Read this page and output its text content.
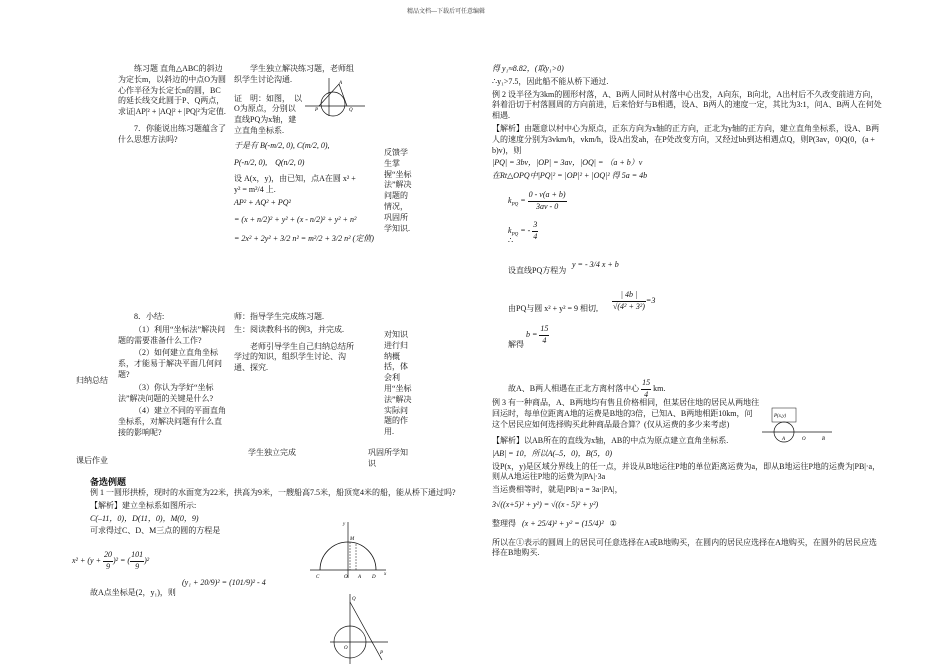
精品文档---下载后可任意编辑

练习题 直角△ABC的斜边为定长m，以斜边的中点O为圆心作半径为长定长n的圆，BC的延长线交此圆于P、Q两点，求证|AP|² + |AQ|² + |PQ|²为定值.

7．你能说出练习题蕴含了什么思想方法吗?

学生独立解决练习题，老师组织学生讨论沟通.

证　明：如图，　以O为原点，分别以直线PQ为x轴，建立直角坐标系.

于是有 B(-m/2, 0), C(m/2, 0),

P(-n/2, 0),　Q(n/2, 0)

设 A(x，y)，由已知，点A在圆 x² + y² = m²/4 上.

AP² + AQ² + PQ²

= (x + n/2)² + y² + (x - n/2)² + y² + n²

= 2x² + 2y² + 3/2 n² = m²/2 + 3/2 n² (定值)

A
P	Q

反馈学生掌握“坐标法”解决问题的情况，巩固所学知识.

归纳总结

8．小结:

（1）利用“坐标法”解决问题的需要准备什么工作?

（2）如何建立直角坐标系，才能易于解决平面几何问题?

（3）你认为学好“坐标法”解决问题的关键是什么?

（4）建立不同的平面直角坐标系，对解决问题有什么直接的影响呢?

师：指导学生完成练习题.

生：阅读教科书的例3，并完成.

老师引导学生自己归纳总结所学过的知识，组织学生讨论、沟通、探究.

对知识进行归纳概括，体会利用“坐标法”解决实际问题的作用.

课后作业
学生独立完成	巩固所学知识
备选例题

例 1 一圆形拱桥，现时的水面宽为22米，拱高为9米，一艘船高7.5米，船顶宽4米的船，能从桥下通过吗?

【解析】建立坐标系如图所示:

C(–11，0)，D(11，0)，M(0，9)

可求得过C、D、M三点的圆的方程是

$x^2 + (y + \frac{20}{9} )^2$ = ( $\frac{101}{9} )^2$
(y₁ + 20/9)² = (101/9)² - 4
故A点坐标是(2，y₁)，则
y
x
M
C	D
O A
Q
O
P

得 y₁≈8.82，(取y₁>0)

∴y₁>7.5，因此船不能从桥下通过.

例 2 设半径为3km的圆形村落，A、B两人同时从村落中心出发，A向东，B向北，A出村后不久改变前进方向，斜着沿切于村落圆周的方向前进，后来恰好与B相遇，设A、B两人的速度一定，其比为3:1，问A、B两人在何处相遇.

【解析】由题意以村中心为原点，正东方向为x轴的正方向，正北为y轴的正方向，建立直角坐标系，设A、B两人的速度分别为3vkm/h，vkm/h，设A出发ah，在P处改变方向，又经过bh到达相遇点Q，则P(3av，0)Q(0，(a + b)v)，则

|PQ| = 3bv，|OP| = 3av，|OQ| = （a + b）v

在Rt△OPQ中|PQ|² = |OP|² + |OQ|² 得 5a = 4b

$k_{PQ} = \frac{0 - v(a + b)}{3av - 0}$
$k_{PQ}$ = - $\frac{3}{4}$
∴
设直线PQ方程为
y = - 3/4 x + b
由PQ与圆 x² + y² = 9 相切, $\frac{| 4b |}{\text{√(4² + 3²)}} =3$
解得
$b = \frac{15}{4}$
故A、B两人相遇在正北方离村落中心 $\frac{15}{4}$ km.

例 3 有一种商品，A、B两地均有售且价格相同，但某居住地的居民从两地往回运时，每单位距离A地的运费是B地的3倍，已知A、B两地相距10km，问这个居民应如何选择购买此种商品最合算？(仅从运费的多少来考虑)

P(x,y)
A	O	B

【解析】以AB所在的直线为x轴，AB的中点为原点建立直角坐标系.

|AB| = 10，所以A(–5，0)，B(5，0)

设P(x，y)是区域分界线上的任一点，并设从B地运往P地的单位距离运费为a，即从B地运往P地的运费为|PB|·a，则从A地运往P地的运费为|PA|·3a

当运费相等时，就是|PB|·a = 3a·|PA|，

3√((x+5)² + y²) = √((x - 5)² + y²)

整理得 (x + 25/4)² + y² = (15/4)² ①

所以在①表示的圆周上的居民可任意选择在A或B地购买，在圆内的居民应选择在A地购买，在圆外的居民应选择在B地购买.
